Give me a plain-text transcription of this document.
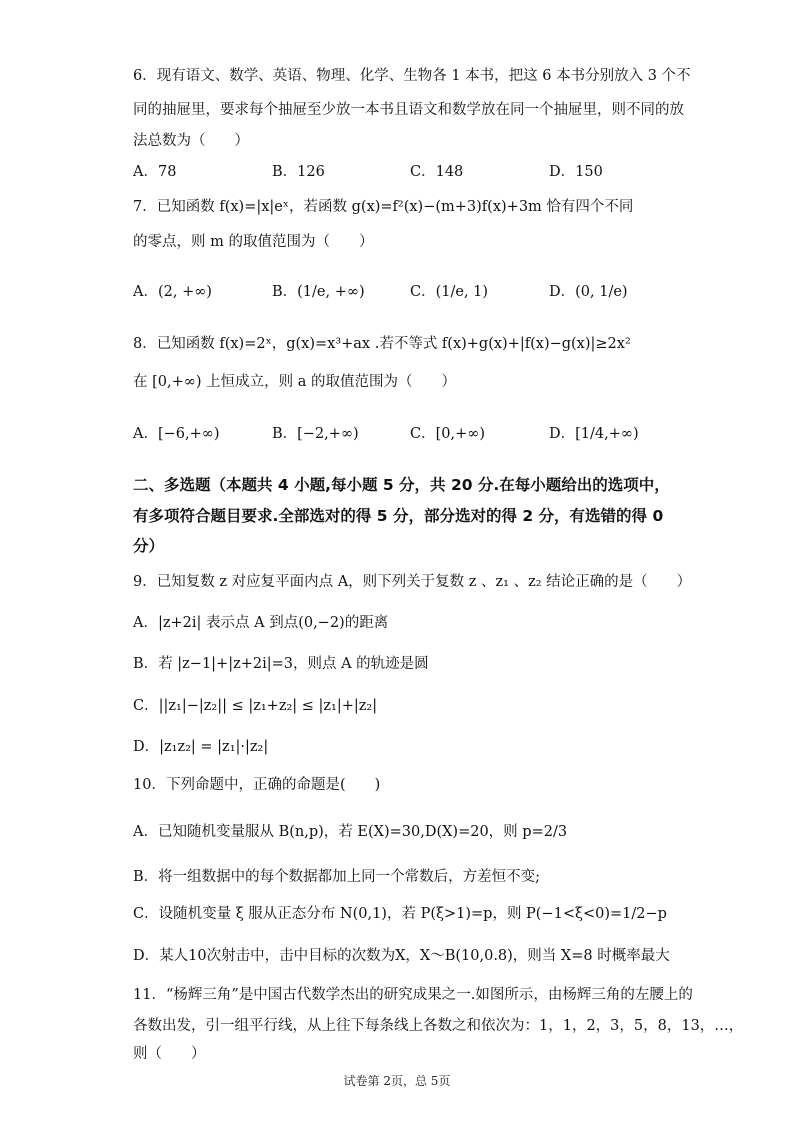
6．现有语文、数学、英语、物理、化学、生物各 1 本书，把这 6 本书分别放入 3 个不
同的抽屉里，要求每个抽屉至少放一本书且语文和数学放在同一个抽屉里，则不同的放
法总数为（　　）
A．78	B．126	C．148	D．150
7．已知函数 f(x)=|x|eˣ，若函数 g(x)=f²(x)−(m+3)f(x)+3m 恰有四个不同
的零点，则 m 的取值范围为（　　）
A．(2, +∞)	B．(1/e, +∞)	C．(1/e, 1)	D．(0, 1/e)
8．已知函数 f(x)=2ˣ，g(x)=x³+ax .若不等式 f(x)+g(x)+|f(x)−g(x)|≥2x²
在 [0,+∞) 上恒成立，则 a 的取值范围为（　　）
A．[−6,+∞)	B．[−2,+∞)	C．[0,+∞)	D．[1/4,+∞)
二、多选题（本题共 4 小题,每小题 5 分，共 20 分.在每小题给出的选项中，
有多项符合题目要求.全部选对的得 5 分，部分选对的得 2 分，有选错的得 0
分）
9．已知复数 z 对应复平面内点 A，则下列关于复数 z 、z₁ 、z₂ 结论正确的是（　　）
A．|z+2i| 表示点 A 到点(0,−2)的距离
B．若 |z−1|+|z+2i|=3，则点 A 的轨迹是圆
C．||z₁|−|z₂|| ≤ |z₁+z₂| ≤ |z₁|+|z₂|
D．|z₁z₂| = |z₁|·|z₂|
10．下列命题中，正确的命题是(　　)
A．已知随机变量服从 B(n,p)，若 E(X)=30,D(X)=20，则 p=2/3
B．将一组数据中的每个数据都加上同一个常数后，方差恒不变;
C．设随机变量 ξ 服从正态分布 N(0,1)，若 P(ξ>1)=p，则 P(−1<ξ<0)=1/2−p
D．某人10次射击中，击中目标的次数为X，X～B(10,0.8)，则当 X=8 时概率最大
11．“杨辉三角”是中国古代数学杰出的研究成果之一.如图所示，由杨辉三角的左腰上的
各数出发，引一组平行线，从上往下每条线上各数之和依次为：1，1，2，3，5，8，13，…，
则（　　）
试卷第 2页，总 5页
